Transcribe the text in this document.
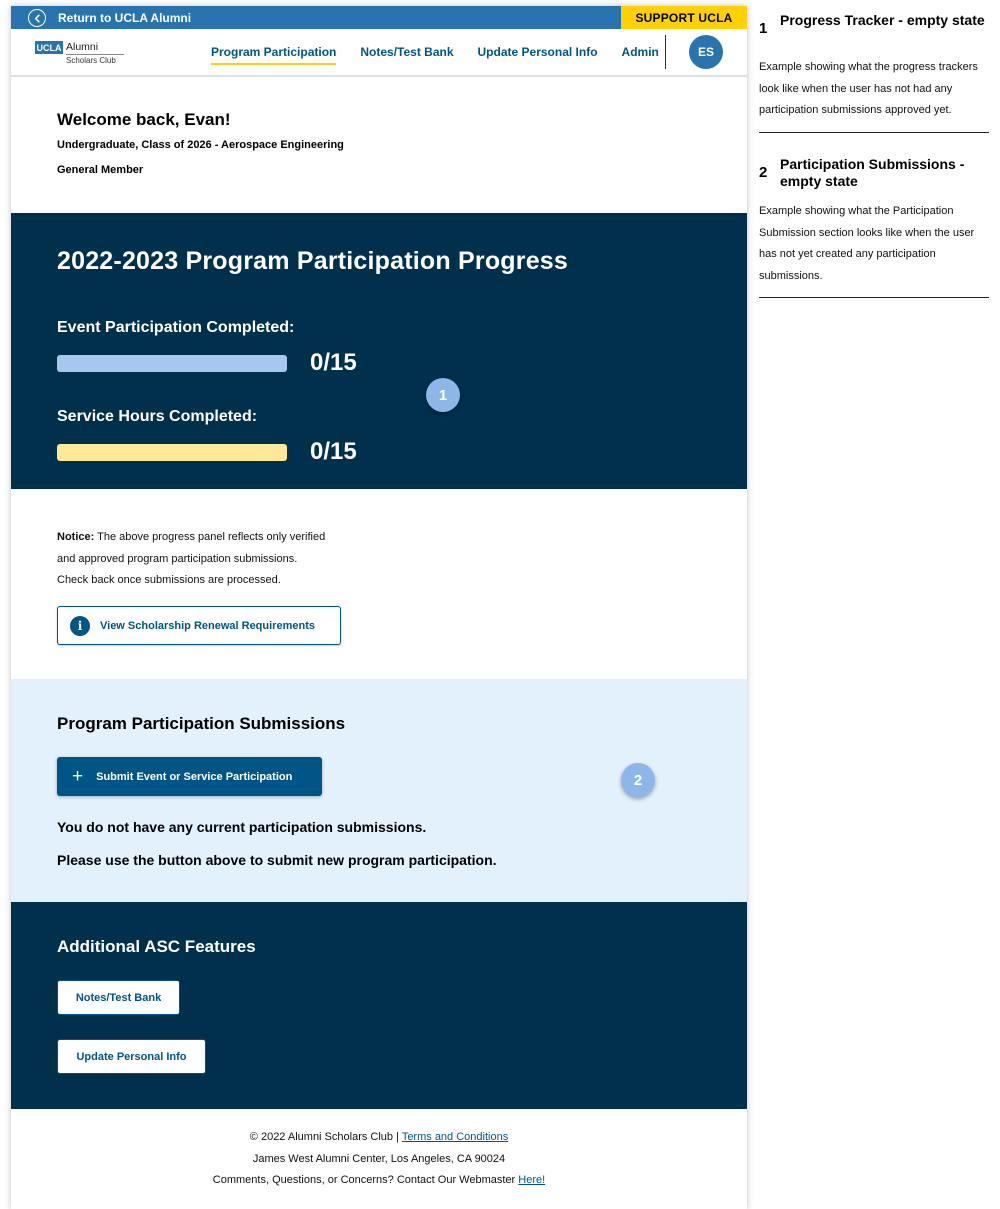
Return to UCLA Alumni	SUPPORT UCLA
UCLA Alumni
Scholars Club
Program Participation Notes/Test Bank Update Personal Info Admin	ES
Welcome back, Evan!
Undergraduate, Class of 2026 - Aerospace Engineering
General Member
2022-2023 Program Participation Progress
Event Participation Completed:
0/15
Service Hours Completed:
0/15
1
Notice: The above progress panel reflects only verified
and approved program participation submissions.
Check back once submissions are processed.
i	View Scholarship Renewal Requirements
Program Participation Submissions
+ Submit Event or Service Participation	2
You do not have any current participation submissions.
Please use the button above to submit new program participation.
Additional ASC Features
Notes/Test Bank
Update Personal Info
© 2022 Alumni Scholars Club | Terms and Conditions
James West Alumni Center, Los Angeles, CA 90024
Comments, Questions, or Concerns? Contact Our Webmaster Here!
1 Progress Tracker - empty state
Example showing what the progress trackers look like when the user has not had any participation submissions approved yet.
2 Participation Submissions - empty state
Example showing what the Participation Submission section looks like when the user has not yet created any participation submissions.
